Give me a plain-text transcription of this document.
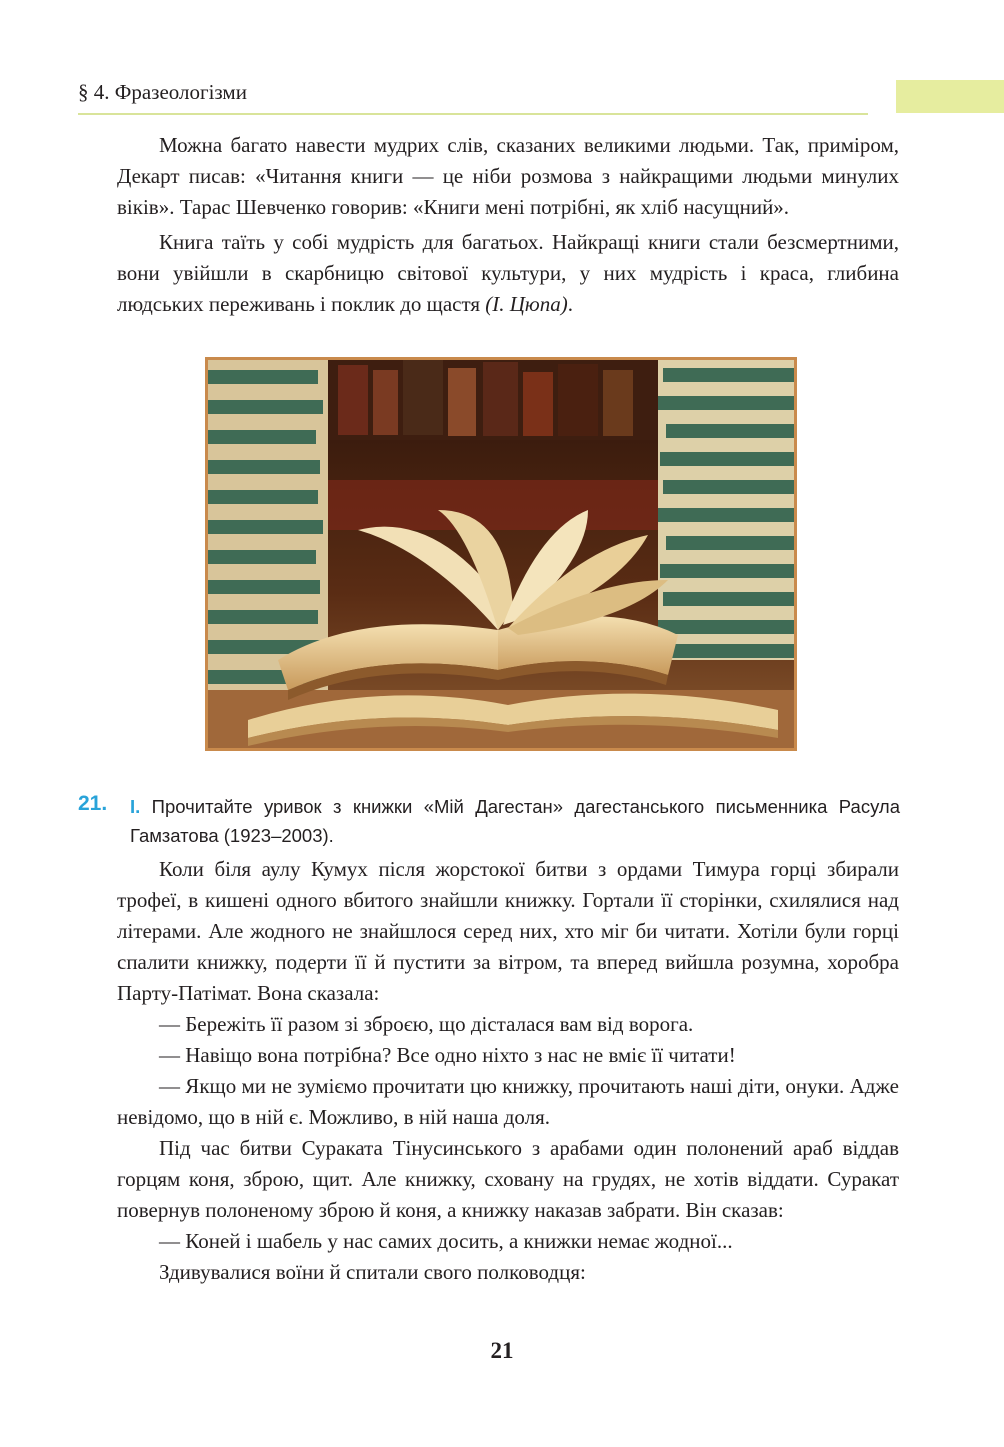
§ 4. Фразеологізми

Можна багато навести мудрих слів, сказаних великими людьми. Так, приміром, Декарт писав: «Читання книги — це ніби розмова з найкращими людьми минулих віків». Тарас Шевченко говорив: «Книги мені потрібні, як хліб насущний».

Книга таїть у собі мудрість для багатьох. Найкращі книги стали безсмертними, вони увійшли в скарбницю світової культури, у них мудрість і краса, глибина людських переживань і поклик до щастя (І. Цюпа).

21. І. Прочитайте уривок з книжки «Мій Дагестан» дагестанського письменника Расула Гамзатова (1923–2003).

Коли біля аулу Кумух після жорстокої битви з ордами Тимура горці збирали трофеї, в кишені одного вбитого знайшли книжку. Гортали її сторінки, схилялися над літерами. Але жодного не знайшлося серед них, хто міг би читати. Хотіли були горці спалити книжку, подерти її й пустити за вітром, та вперед вийшла розумна, хоробра Парту-Патімат. Вона сказала:

— Бережіть її разом зі зброєю, що дісталася вам від ворога.

— Навіщо вона потрібна? Все одно ніхто з нас не вміє її читати!

— Якщо ми не зуміємо прочитати цю книжку, прочитають наші діти, онуки. Адже невідомо, що в ній є. Можливо, в ній наша доля.

Під час битви Сураката Тінусинського з арабами один полонений араб віддав горцям коня, зброю, щит. Але книжку, сховану на грудях, не хотів віддати. Суракат повернув полоненому зброю й коня, а книжку наказав забрати. Він сказав:

— Коней і шабель у нас самих досить, а книжки немає жодної...

Здивувалися воїни й спитали свого полководця:

21
